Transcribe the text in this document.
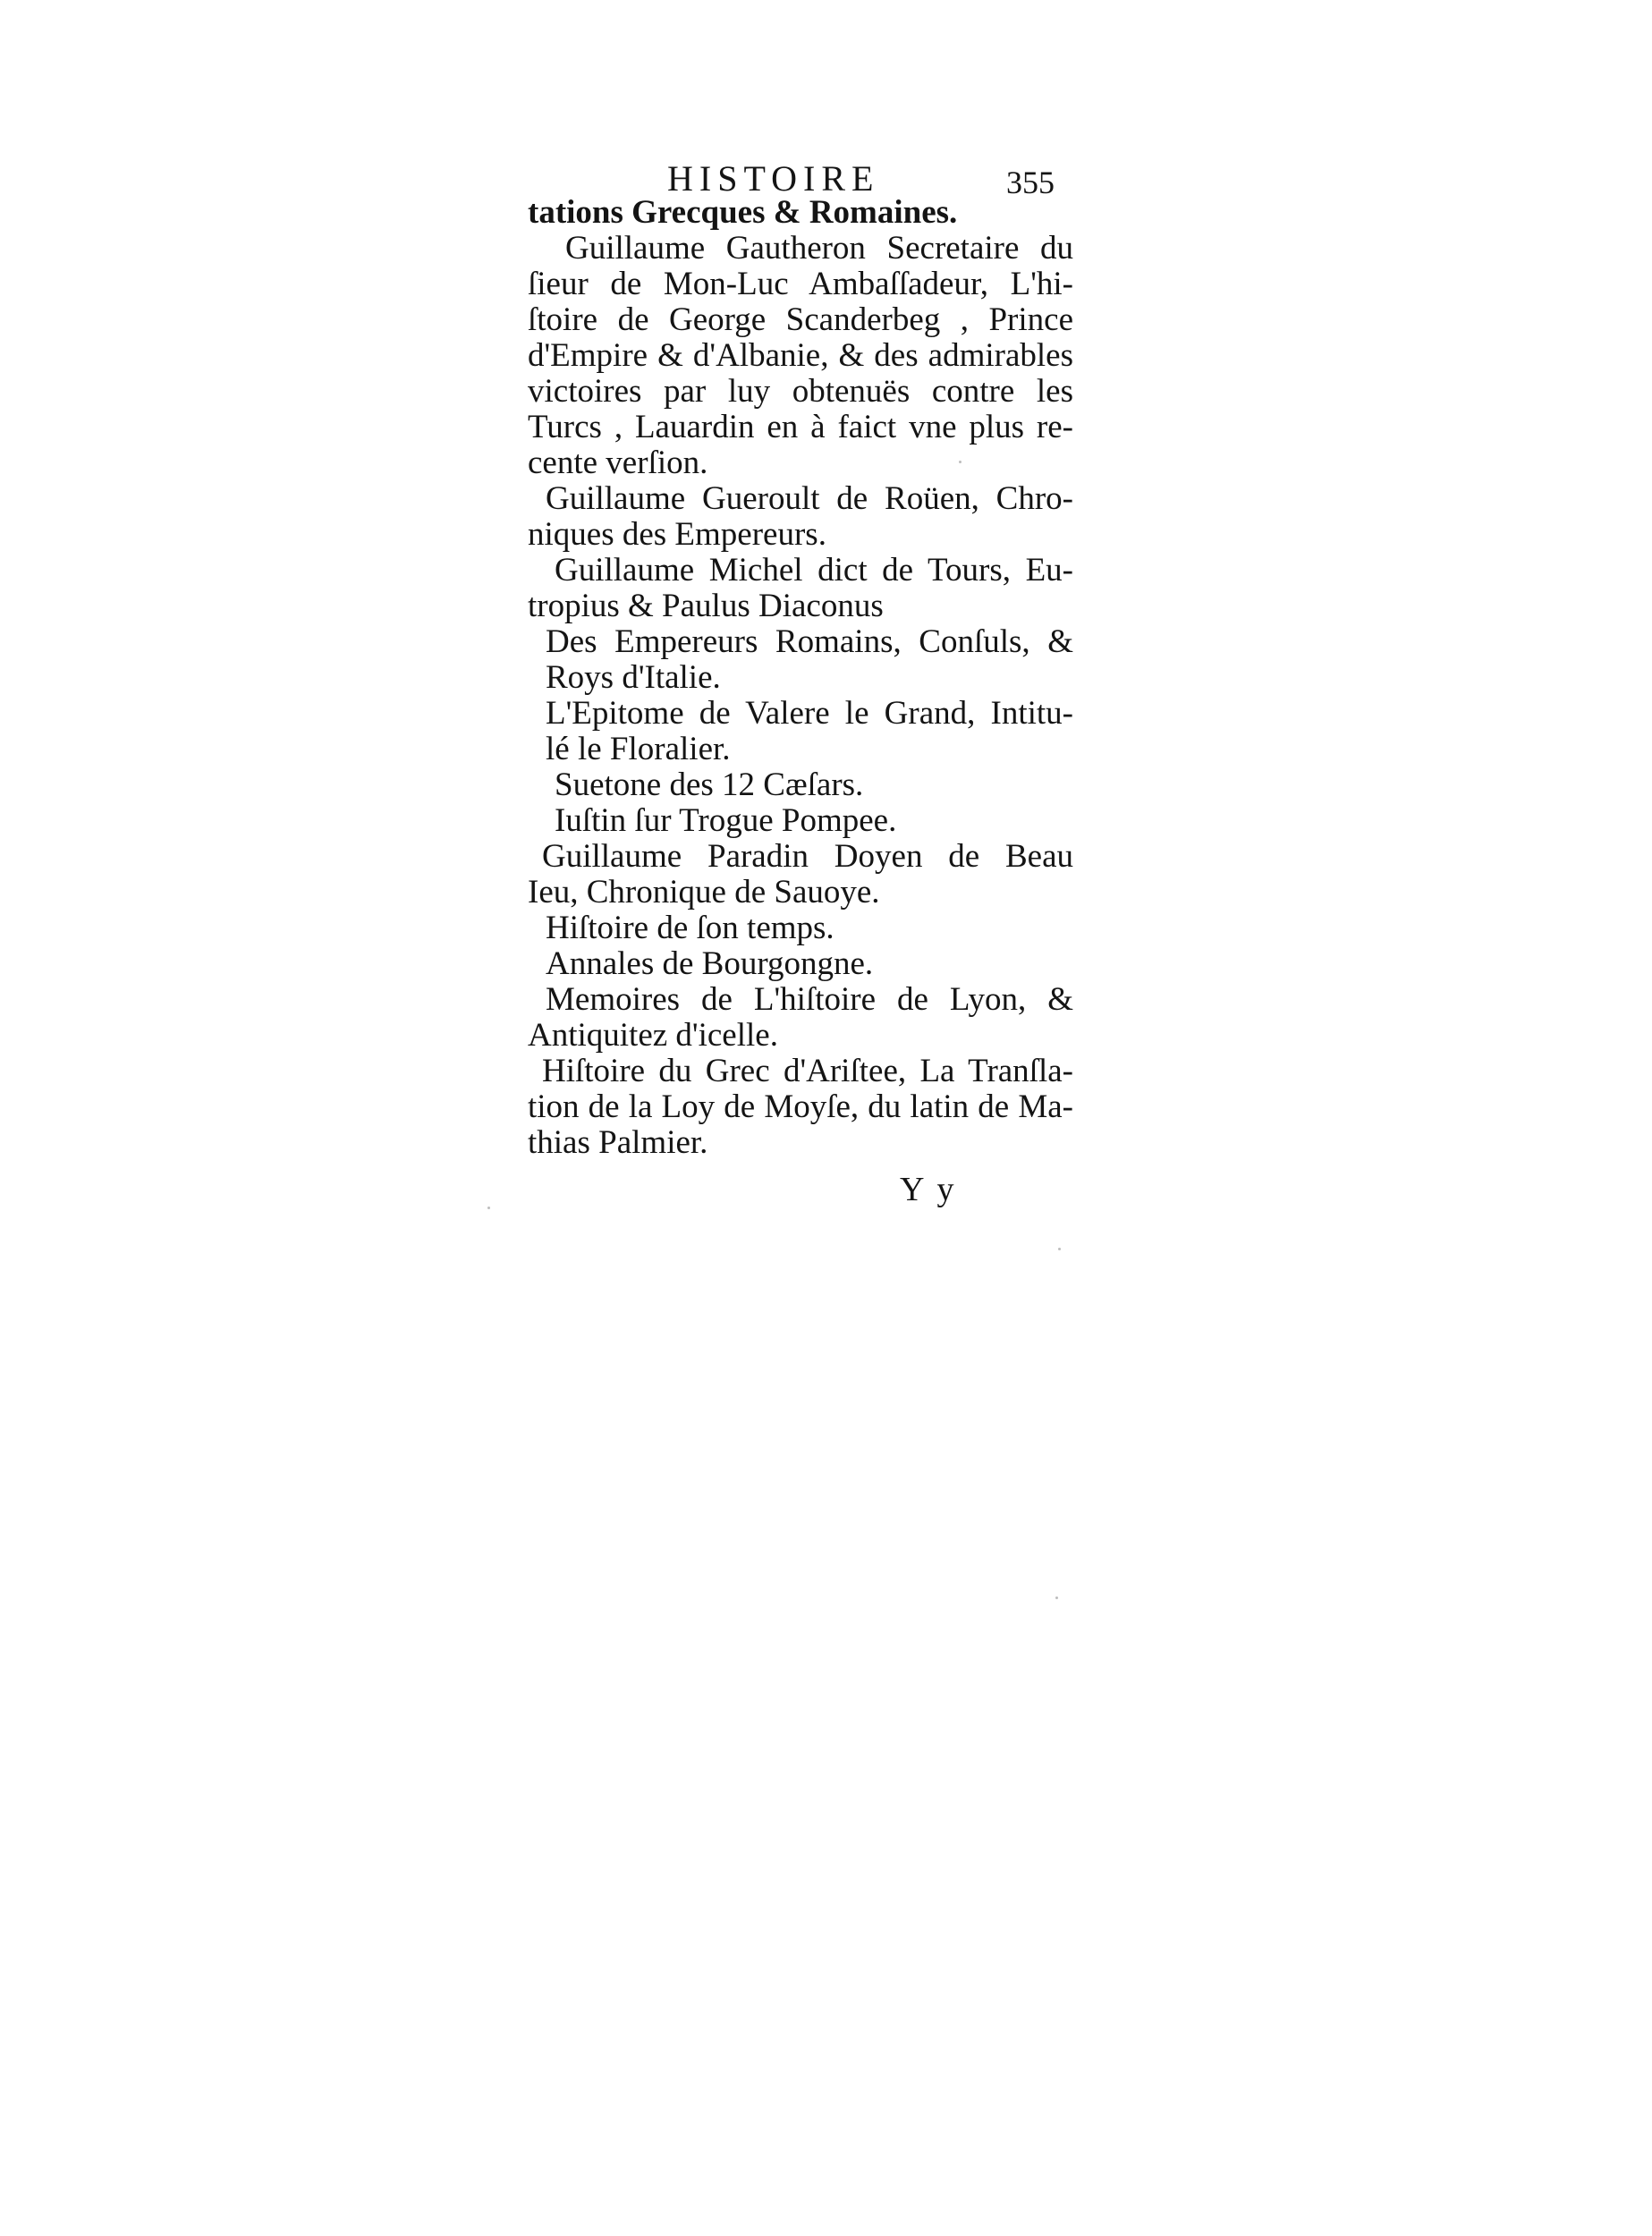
HISTOIRE	355
tations Grecques & Romaines.
Guillaume Gautheron Secretaire du
ſieur de Mon-Luc Ambaſſadeur, L'hi-
ſtoire de George Scanderbeg , Prince
d'Empire & d'Albanie, & des admirables
victoires par luy obtenuës contre les
Turcs , Lauardin en à faict vne plus re-
cente verſion.
Guillaume Gueroult de Roüen, Chro-
niques des Empereurs.
Guillaume Michel dict de Tours, Eu-
tropius & Paulus Diaconus
Des Empereurs Romains, Conſuls, &
Roys d'Italie.
L'Epitome de Valere le Grand, Intitu-
lé le Floralier.
Suetone des 12 Cæſars.
Iuſtin ſur Trogue Pompee.
Guillaume Paradin Doyen de Beau
Ieu, Chronique de Sauoye.
Hiſtoire de ſon temps.
Annales de Bourgongne.
Memoires de L'hiſtoire de Lyon, &
Antiquitez d'icelle.
Hiſtoire du Grec d'Ariſtee, La Tranſla-
tion de la Loy de Moyſe, du latin de Ma-
thias Palmier.
Y y
